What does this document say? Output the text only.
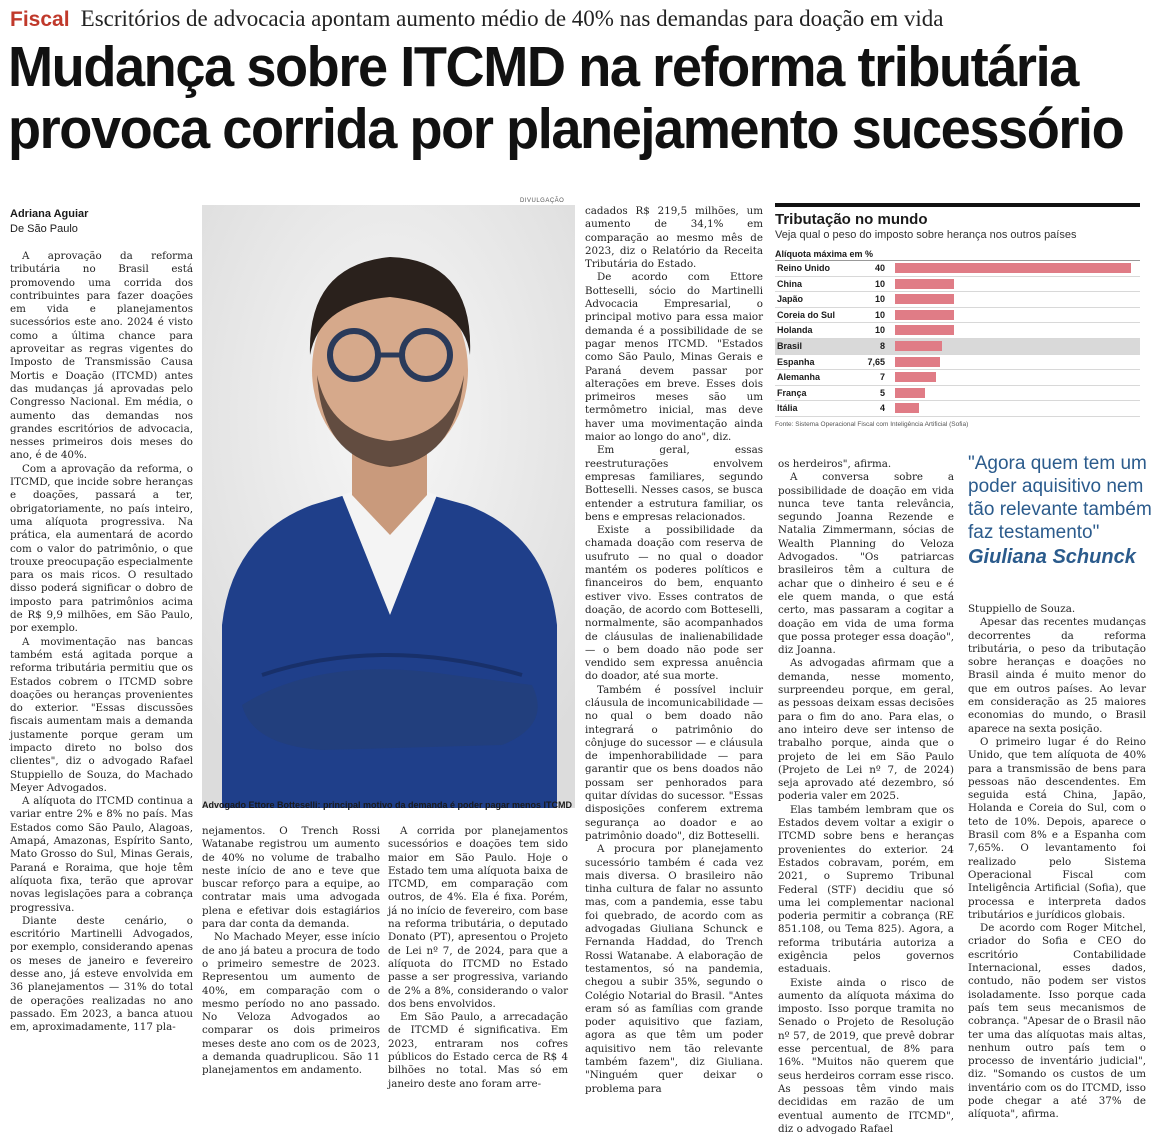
Fiscal Escritórios de advocacia apontam aumento médio de 40% nas demandas para doação em vida
Mudança sobre ITCMD na reforma tributária
provoca corrida por planejamento sucessório
Adriana Aguiar
De São Paulo

A aprovação da reforma tributária no Brasil está promovendo uma corrida dos contribuintes para fazer doações em vida e planejamentos sucessórios este ano. 2024 é visto como a última chance para aproveitar as regras vigentes do Imposto de Transmissão Causa Mortis e Doação (ITCMD) antes das mudanças já aprovadas pelo Congresso Nacional. Em média, o aumento das demandas nos grandes escritórios de advocacia, nesses primeiros dois meses do ano, é de 40%.

Com a aprovação da reforma, o ITCMD, que incide sobre heranças e doações, passará a ter, obrigatoriamente, no país inteiro, uma alíquota progressiva. Na prática, ela aumentará de acordo com o valor do patrimônio, o que trouxe preocupação especialmente para os mais ricos. O resultado disso poderá significar o dobro de imposto para patrimônios acima de R$ 9,9 milhões, em São Paulo, por exemplo.

A movimentação nas bancas também está agitada porque a reforma tributária permitiu que os Estados cobrem o ITCMD sobre doações ou heranças provenientes do exterior. "Essas discussões fiscais aumentam mais a demanda justamente porque geram um impacto direto no bolso dos clientes", diz o advogado Rafael Stuppiello de Souza, do Machado Meyer Advogados.

A alíquota do ITCMD continua a variar entre 2% e 8% no país. Mas Estados como São Paulo, Alagoas, Amapá, Amazonas, Espírito Santo, Mato Grosso do Sul, Minas Gerais, Paraná e Roraima, que hoje têm alíquota fixa, terão que aprovar novas legislações para a cobrança progressiva.

Diante deste cenário, o escritório Martinelli Advogados, por exemplo, considerando apenas os meses de janeiro e fevereiro desse ano, já esteve envolvida em 36 planejamentos — 31% do total de operações realizadas no ano passado. Em 2023, a banca atuou em, aproximadamente, 117 pla-

nejamentos. O Trench Rossi Watanabe registrou um aumento de 40% no volume de trabalho neste início de ano e teve que buscar reforço para a equipe, ao contratar mais uma advogada plena e efetivar dois estagiários para dar conta da demanda.

No Machado Meyer, esse início de ano já bateu a procura de todo o primeiro semestre de 2023. Representou um aumento de 40%, em comparação com o mesmo período no ano passado. No Veloza Advogados ao comparar os dois primeiros meses deste ano com os de 2023, a demanda quadruplicou. São 11 planejamentos em andamento.

A corrida por planejamentos sucessórios e doações tem sido maior em São Paulo. Hoje o Estado tem uma alíquota baixa de ITCMD, em comparação com outros, de 4%. Ela é fixa. Porém, já no início de fevereiro, com base na reforma tributária, o deputado Donato (PT), apresentou o Projeto de Lei nº 7, de 2024, para que a alíquota do ITCMD no Estado passe a ser progressiva, variando de 2% a 8%, considerando o valor dos bens envolvidos.

Em São Paulo, a arrecadação de ITCMD é significativa. Em 2023, entraram nos cofres públicos do Estado cerca de R$ 4 bilhões no total. Mas só em janeiro deste ano foram arre-

cadados R$ 219,5 milhões, um aumento de 34,1% em comparação ao mesmo mês de 2023, diz o Relatório da Receita Tributária do Estado.

De acordo com Ettore Botteselli, sócio do Martinelli Advocacia Empresarial, o principal motivo para essa maior demanda é a possibilidade de se pagar menos ITCMD. "Estados como São Paulo, Minas Gerais e Paraná devem passar por alterações em breve. Esses dois primeiros meses são um termômetro inicial, mas deve haver uma movimentação ainda maior ao longo do ano", diz.

Em geral, essas reestruturações envolvem empresas familiares, segundo Botteselli. Nesses casos, se busca entender a estrutura familiar, os bens e empresas relacionados.

Existe a possibilidade da chamada doação com reserva de usufruto — no qual o doador mantém os poderes políticos e financeiros do bem, enquanto estiver vivo. Esses contratos de doação, de acordo com Botteselli, normalmente, são acompanhados de cláusulas de inalienabilidade — o bem doado não pode ser vendido sem expressa anuência do doador, até sua morte.

Também é possível incluir cláusula de incomunicabilidade — no qual o bem doado não integrará o patrimônio do cônjuge do sucessor — e cláusula de impenhorabilidade — para garantir que os bens doados não possam ser penhorados para quitar dívidas do sucessor. "Essas disposições conferem extrema segurança ao doador e ao patrimônio doado", diz Botteselli.

A procura por planejamento sucessório também é cada vez mais diversa. O brasileiro não tinha cultura de falar no assunto mas, com a pandemia, esse tabu foi quebrado, de acordo com as advogadas Giuliana Schunck e Fernanda Haddad, do Trench Rossi Watanabe. A elaboração de testamentos, só na pandemia, chegou a subir 35%, segundo o Colégio Notarial do Brasil. "Antes eram só as famílias com grande poder aquisitivo que faziam, agora as que têm um poder aquisitivo nem tão relevante também fazem", diz Giuliana. "Ninguém quer deixar o problema para

os herdeiros", afirma.

A conversa sobre a possibilidade de doação em vida nunca teve tanta relevância, segundo Joanna Rezende e Natalia Zimmermann, sócias de Wealth Planning do Veloza Advogados. "Os patriarcas brasileiros têm a cultura de achar que o dinheiro é seu e é ele quem manda, o que está certo, mas passaram a cogitar a doação em vida de uma forma que possa proteger essa doação", diz Joanna.

As advogadas afirmam que a demanda, nesse momento, surpreendeu porque, em geral, as pessoas deixam essas decisões para o fim do ano. Para elas, o ano inteiro deve ser intenso de trabalho porque, ainda que o projeto de lei em São Paulo (Projeto de Lei nº 7, de 2024) seja aprovado até dezembro, só poderia valer em 2025.

Elas também lembram que os Estados devem voltar a exigir o ITCMD sobre bens e heranças provenientes do exterior. 24 Estados cobravam, porém, em 2021, o Supremo Tribunal Federal (STF) decidiu que só uma lei complementar nacional poderia permitir a cobrança (RE 851.108, ou Tema 825). Agora, a reforma tributária autoriza a exigência pelos governos estaduais.

Existe ainda o risco de aumento da alíquota máxima do imposto. Isso porque tramita no Senado o Projeto de Resolução nº 57, de 2019, que prevê dobrar esse percentual, de 8% para 16%. "Muitos não querem que seus herdeiros corram esse risco. As pessoas têm vindo mais decididas em razão de um eventual aumento de ITCMD", diz o advogado Rafael

Stuppiello de Souza.

Apesar das recentes mudanças decorrentes da reforma tributária, o peso da tributação sobre heranças e doações no Brasil ainda é muito menor do que em outros países. Ao levar em consideração as 25 maiores economias do mundo, o Brasil aparece na sexta posição.

O primeiro lugar é do Reino Unido, que tem alíquota de 40% para a transmissão de bens para pessoas não descendentes. Em seguida está China, Japão, Holanda e Coreia do Sul, com o teto de 10%. Depois, aparece o Brasil com 8% e a Espanha com 7,65%. O levantamento foi realizado pelo Sistema Operacional Fiscal com Inteligência Artificial (Sofia), que processa e interpreta dados tributários e jurídicos globais.

De acordo com Roger Mitchel, criador do Sofia e CEO do escritório Contabilidade Internacional, esses dados, contudo, não podem ser vistos isoladamente. Isso porque cada país tem seus mecanismos de cobrança. "Apesar de o Brasil não ter uma das alíquotas mais altas, nenhum outro país tem o processo de inventário judicial", diz. "Somando os custos de um inventário com os do ITCMD, isso pode chegar a até 37% de alíquota", afirma.

DIVULGAÇÃO
Advogado Ettore Botteselli: principal motivo da demanda é poder pagar menos ITCMD
Tributação no mundo
Veja qual o peso do imposto sobre herança nos outros países
Alíquota máxima em %
Reino Unido	40
China	10
Japão	10
Coreia do Sul	10
Holanda	10
Brasil	8
Espanha	7,65
Alemanha	7
França	5
Itália	4
Fonte: Sistema Operacional Fiscal com Inteligência Artificial (Sofia)
"Agora quem tem um poder aquisitivo nem tão relevante também faz testamento"
Giuliana Schunck
